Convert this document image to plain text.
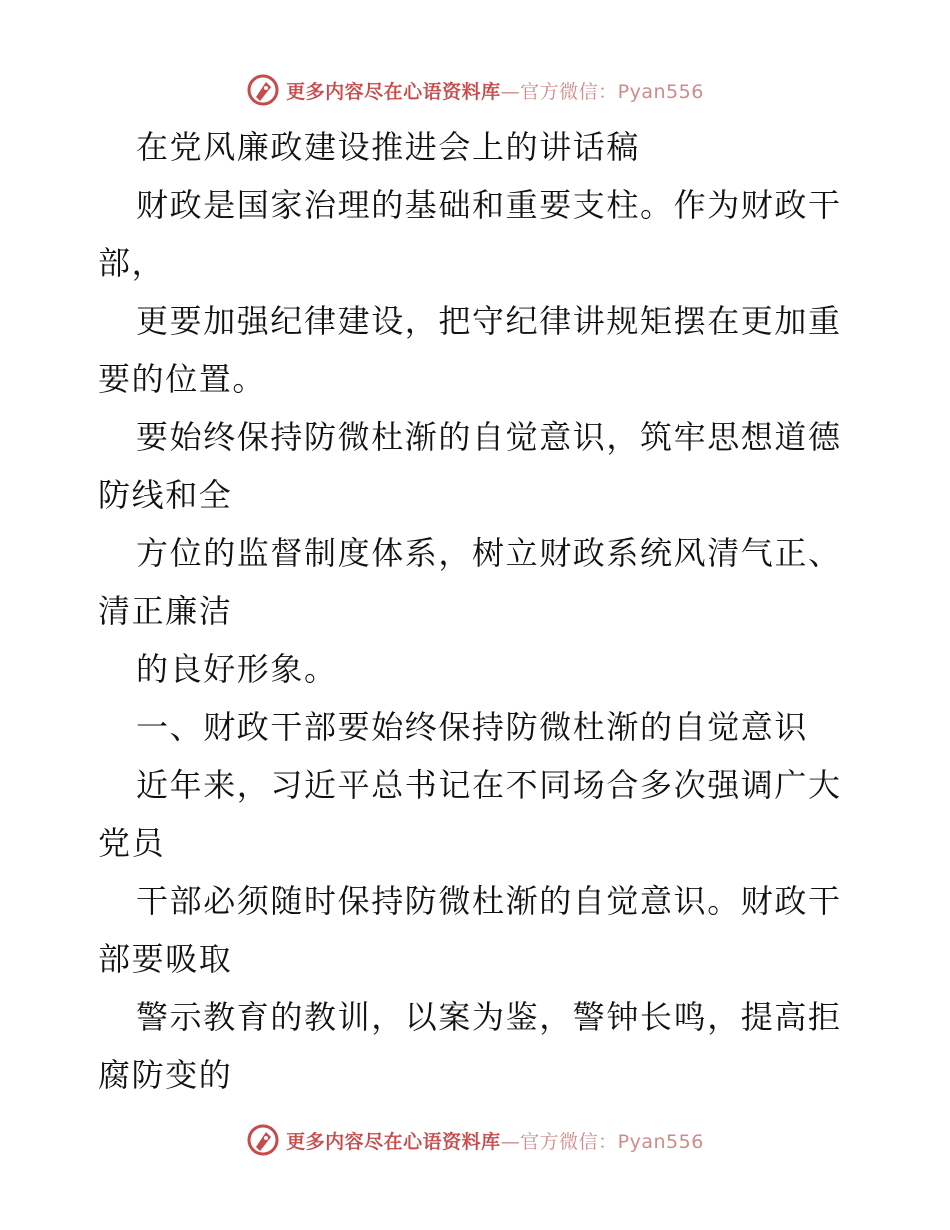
更多内容尽在心语资料库—官方微信：Pyan556

在党风廉政建设推进会上的讲话稿

财政是国家治理的基础和重要支柱。作为财政干

部，

更要加强纪律建设，把守纪律讲规矩摆在更加重

要的位置。

要始终保持防微杜渐的自觉意识，筑牢思想道德

防线和全

方位的监督制度体系，树立财政系统风清气正、

清正廉洁

的良好形象。

一、财政干部要始终保持防微杜渐的自觉意识

近年来，习近平总书记在不同场合多次强调广大

党员

干部必须随时保持防微杜渐的自觉意识。财政干

部要吸取

警示教育的教训，以案为鉴，警钟长鸣，提高拒

腐防变的

更多内容尽在心语资料库—官方微信：Pyan556
